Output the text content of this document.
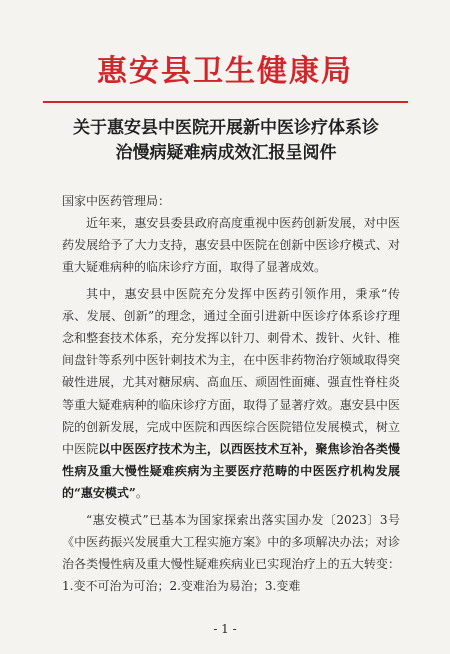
惠安县卫生健康局
关于惠安县中医院开展新中医诊疗体系诊
治慢病疑难病成效汇报呈阅件
国家中医药管理局：

近年来，惠安县委县政府高度重视中医药创新发展，对中医药发展给予了大力支持，惠安县中医院在创新中医诊疗模式、对重大疑难病种的临床诊疗方面，取得了显著成效。

其中，惠安县中医院充分发挥中医药引领作用，秉承“传承、发展、创新”的理念，通过全面引进新中医诊疗体系诊疗理念和整套技术体系，充分发挥以针刀、刺骨术、拨针、火针、椎间盘针等系列中医针刺技术为主，在中医非药物治疗领域取得突破性进展，尤其对糖尿病、高血压、顽固性面瘫、强直性脊柱炎等重大疑难病种的临床诊疗方面，取得了显著疗效。惠安县中医院的创新发展，完成中医院和西医综合医院错位发展模式，树立中医院以中医医疗技术为主，以西医技术互补，聚焦诊治各类慢性病及重大慢性疑难疾病为主要医疗范畴的中医医疗机构发展的“惠安模式”。

“惠安模式”已基本为国家探索出落实国办发〔2023〕3号《中医药振兴发展重大工程实施方案》中的多项解决办法；对诊治各类慢性病及重大慢性疑难疾病业已实现治疗上的五大转变：1.变不可治为可治；2.变难治为易治；3.变难

- 1 -
